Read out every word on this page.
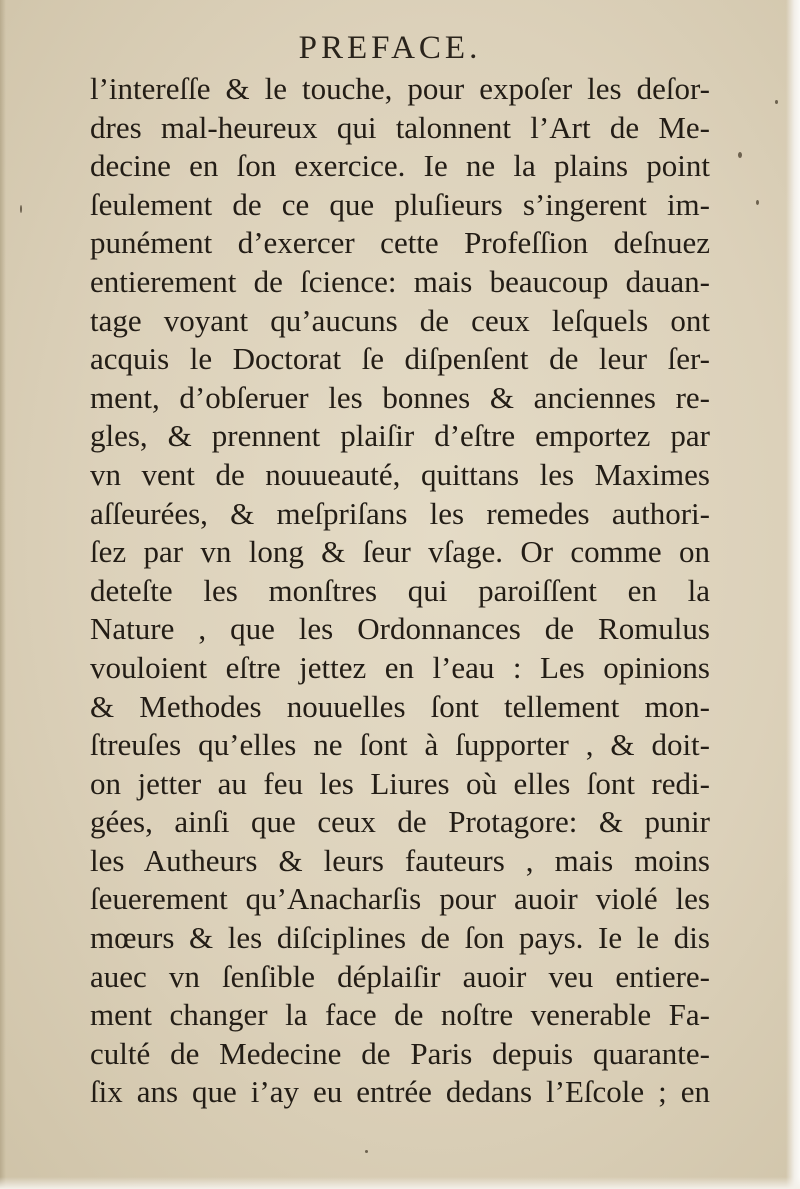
PREFACE.
l’intereſſe & le touche, pour expoſer les deſor-
dres mal-heureux qui talonnent l’Art de Me-
decine en ſon exercice. Ie ne la plains point
ſeulement de ce que pluſieurs s’ingerent im-
punément d’exercer cette Profeſſion deſnuez
entierement de ſcience: mais beaucoup dauan-
tage voyant qu’aucuns de ceux leſquels ont
acquis le Doctorat ſe diſpenſent de leur ſer-
ment, d’obſeruer les bonnes & anciennes re-
gles, & prennent plaiſir d’eſtre emportez par
vn vent de nouueauté, quittans les Maximes
aſſeurées, & meſpriſans les remedes authori-
ſez par vn long & ſeur vſage. Or comme on
deteſte les monſtres qui paroiſſent en la
Nature , que les Ordonnances de Romulus
vouloient eſtre jettez en l’eau : Les opinions
& Methodes nouuelles ſont tellement mon-
ſtreuſes qu’elles ne ſont à ſupporter , & doit-
on jetter au feu les Liures où elles ſont redi-
gées, ainſi que ceux de Protagore: & punir
les Autheurs & leurs fauteurs , mais moins
ſeuerement qu’Anacharſis pour auoir violé les
mœurs & les diſciplines de ſon pays. Ie le dis
auec vn ſenſible déplaiſir auoir veu entiere-
ment changer la face de noſtre venerable Fa-
culté de Medecine de Paris depuis quarante-
ſix ans que i’ay eu entrée dedans l’Eſcole ; en
